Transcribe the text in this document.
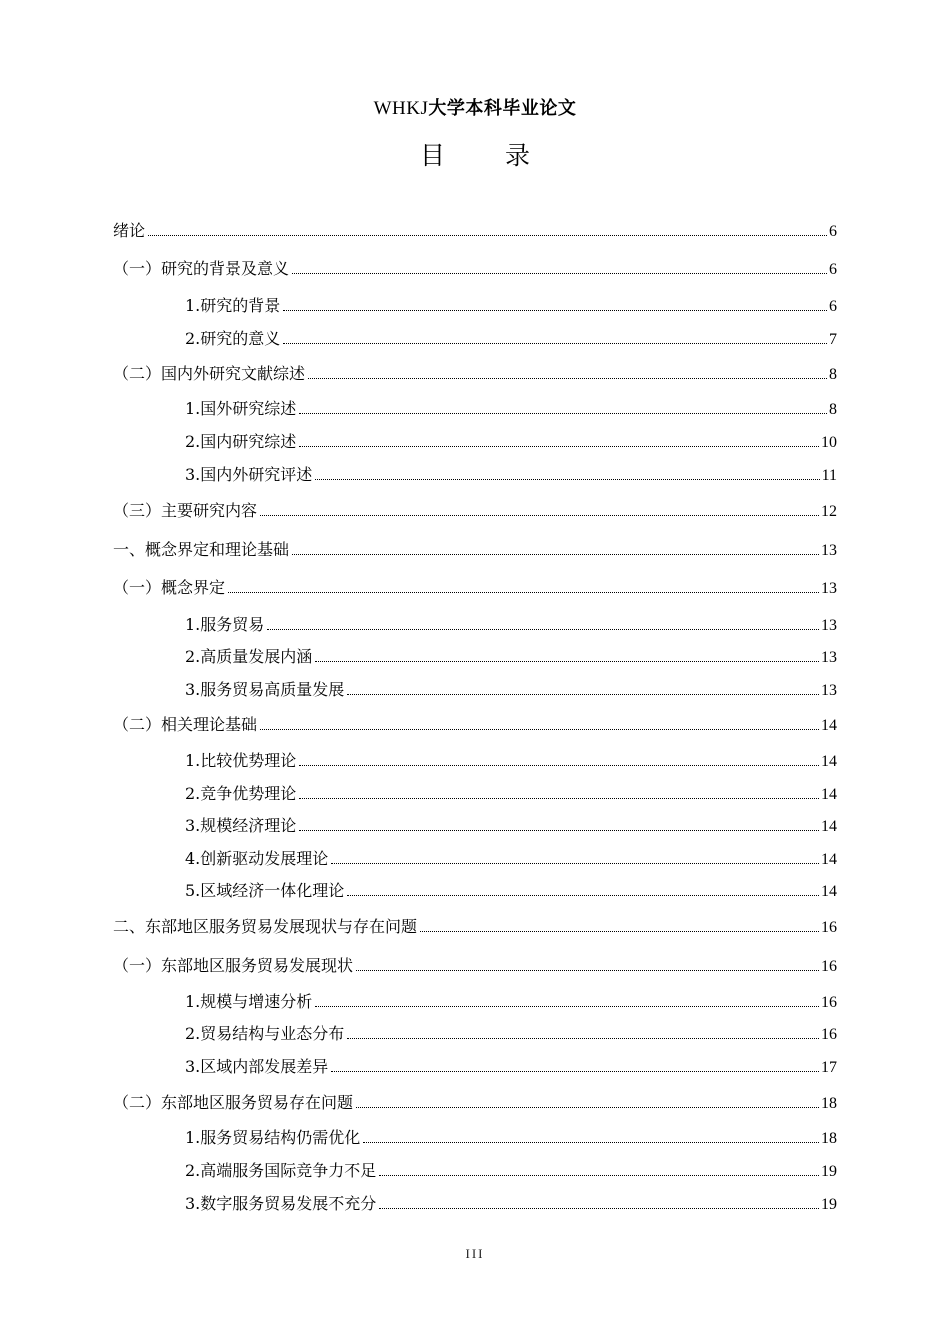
WHKJ大学本科毕业论文
目 录
绪论	6
（一）研究的背景及意义	6
1.研究的背景	6
2.研究的意义	7
（二）国内外研究文献综述	8
1.国外研究综述	8
2.国内研究综述	10
3.国内外研究评述	11
（三）主要研究内容	12
一、概念界定和理论基础	13
（一）概念界定	13
1.服务贸易	13
2.高质量发展内涵	13
3.服务贸易高质量发展	13
（二）相关理论基础	14
1.比较优势理论	14
2.竞争优势理论	14
3.规模经济理论	14
4.创新驱动发展理论	14
5.区域经济一体化理论	14
二、东部地区服务贸易发展现状与存在问题	16
（一）东部地区服务贸易发展现状	16
1.规模与增速分析	16
2.贸易结构与业态分布	16
3.区域内部发展差异	17
（二）东部地区服务贸易存在问题	18
1.服务贸易结构仍需优化	18
2.高端服务国际竞争力不足	19
3.数字服务贸易发展不充分	19
III
